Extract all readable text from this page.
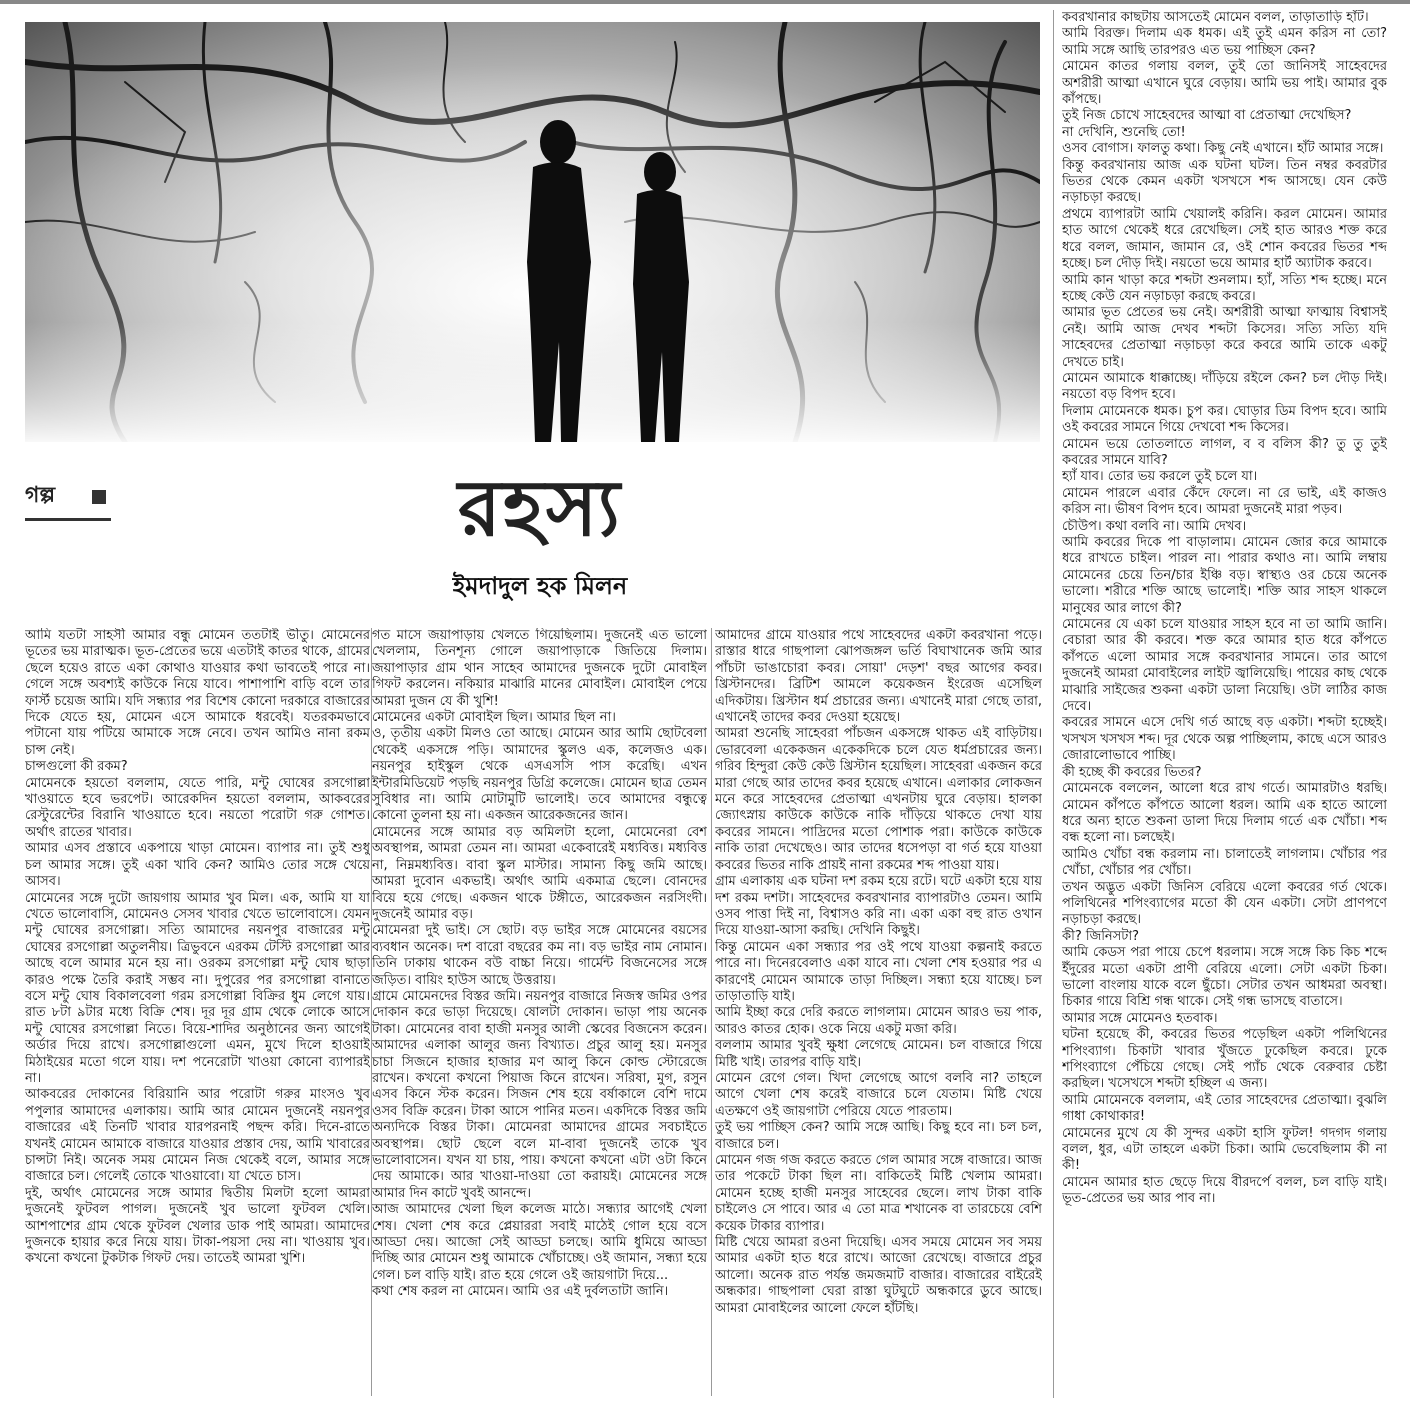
গল্প	রহস্য
ইমদাদুল হক মিলন

আমি যতটা সাহসী আমার বন্ধু মোমেন ততটাই ভীতু। মোমেনের ভূতের ভয় মারাত্মক। ভূত-প্রেতের ভয়ে এতটাই কাতর থাকে, গ্রামের ছেলে হয়েও রাতে একা কোথাও যাওয়ার কথা ভাবতেই পারে না। গেলে সঙ্গে অবশ্যই কাউকে নিয়ে যাবে। পাশাপাশি বাড়ি বলে তার ফার্স্ট চয়েজ আমি। যদি সন্ধ্যার পর বিশেষ কোনো দরকারে বাজারের দিকে যেতে হয়, মোমেন এসে আমাকে ধরবেই। যতরকমভাবে পটানো যায় পটিয়ে আমাকে সঙ্গে নেবে। তখন আমিও নানা রকম চান্স নেই।

চান্সগুলো কী রকম?

মোমেনকে হয়তো বললাম, যেতে পারি, মন্টু ঘোষের রসগোল্লা খাওয়াতে হবে ভরপেট। আরেকদিন হয়তো বললাম, আকবরের রেস্টুরেন্টের বিরানি খাওয়াতে হবে। নয়তো পরোটা গরু গোশত। অর্থাৎ রাতের খাবার।

আমার এসব প্রস্তাবে একপায়ে খাড়া মোমেন। ব্যাপার না। তুই শুধু চল আমার সঙ্গে। তুই একা খাবি কেন? আমিও তোর সঙ্গে খেয়ে আসব।

মোমেনের সঙ্গে দুটো জায়গায় আমার খুব মিল। এক, আমি যা যা খেতে ভালোবাসি, মোমেনও সেসব খাবার খেতে ভালোবাসে। যেমন মন্টু ঘোষের রসগোল্লা। সত্যি আমাদের নয়নপুর বাজারের মন্টু ঘোষের রসগোল্লা অতুলনীয়। ত্রিভুবনে এরকম টেস্টি রসগোল্লা আর আছে বলে আমার মনে হয় না। ওরকম রসগোল্লা মন্টু ঘোষ ছাড়া কারও পক্ষে তৈরি করাই সম্ভব না। দুপুরের পর রসগোল্লা বানাতে বসে মন্টু ঘোষ বিকালবেলা গরম রসগোল্লা বিক্রির ধুম লেগে যায়। রাত ৮টা ৯টার মধ্যে বিক্রি শেষ। দূর দূর গ্রাম থেকে লোকে আসে মন্টু ঘোষের রসগোল্লা নিতে। বিয়ে-শাদির অনুষ্ঠানের জন্য আগেই অর্ডার দিয়ে রাখে। রসগোল্লাগুলো এমন, মুখে দিলে হাওয়াই মিঠাইয়ের মতো গলে যায়। দশ পনেরোটা খাওয়া কোনো ব্যাপারই না।

আকবরের দোকানের বিরিয়ানি আর পরোটা গরুর মাংসও খুব পপুলার আমাদের এলাকায়। আমি আর মোমেন দুজনেই নয়নপুর বাজারের এই তিনটি খাবার যারপরনাই পছন্দ করি। দিনে-রাতে যখনই মোমেন আমাকে বাজারে যাওয়ার প্রস্তাব দেয়, আমি খাবারের চান্সটা নিই। অনেক সময় মোমেন নিজ থেকেই বলে, আমার সঙ্গে বাজারে চল। গেলেই তোকে খাওয়াবো। যা খেতে চাস।

দুই, অর্থাৎ মোমেনের সঙ্গে আমার দ্বিতীয় মিলটা হলো আমরা দুজনেই ফুটবল পাগল। দুজনেই খুব ভালো ফুটবল খেলি। আশপাশের গ্রাম থেকে ফুটবল খেলার ডাক পাই আমরা। আমাদের দুজনকে হায়ার করে নিয়ে যায়। টাকা-পয়সা দেয় না। খাওয়ায় খুব। কখনো কখনো টুকটাক গিফট দেয়। তাতেই আমরা খুশি।

গত মাসে জয়াপাড়ায় খেলতে গিয়েছিলাম। দুজনেই এত ভালো খেললাম, তিনশূন্য গোলে জয়াপাড়াকে জিতিয়ে দিলাম। জয়াপাড়ার গ্রাম থান সাহেব আমাদের দুজনকে দুটো মোবাইল গিফট করলেন। নকিয়ার মাঝারি মানের মোবাইল। মোবাইল পেয়ে আমরা দুজন যে কী খুশি!

মোমেনের একটা মোবাইল ছিল। আমার ছিল না।

ও, তৃতীয় একটা মিলও তো আছে। মোমেন আর আমি ছোটবেলা থেকেই একসঙ্গে পড়ি। আমাদের স্কুলও এক, কলেজও এক। নয়নপুর হাইস্কুল থেকে এসএসসি পাস করেছি। এখন ইন্টারমিডিয়েট পড়ছি নয়নপুর ডিগ্রি কলেজে। মোমেন ছাত্র তেমন সুবিধার না। আমি মোটামুটি ভালোই। তবে আমাদের বন্ধুত্বে কোনো তুলনা হয় না। একজন আরেকজনের জান।

মোমেনের সঙ্গে আমার বড় অমিলটা হলো, মোমেনেরা বেশ অবস্থাপন্ন, আমরা তেমন না। আমরা একেবারেই মধ্যবিত্ত। মধ্যবিত্ত না, নিম্নমধ্যবিত্ত। বাবা স্কুল মাস্টার। সামান্য কিছু জমি আছে। আমরা দুবোন একভাই। অর্থাৎ আমি একমাত্র ছেলে। বোনদের বিয়ে হয়ে গেছে। একজন থাকে টঙ্গীতে, আরেকজন নরসিংদী। দুজনেই আমার বড়।

মোমেনরা দুই ভাই। সে ছোট। বড় ভাইর সঙ্গে মোমেনের বয়সের ব্যবধান অনেক। দশ বারো বছরের কম না। বড় ভাইর নাম নোমান। তিনি ঢাকায় থাকেন বউ বাচ্চা নিয়ে। গার্মেন্ট বিজনেসের সঙ্গে জড়িত। বায়িং হাউস আছে উত্তরায়।

গ্রামে মোমেনদের বিস্তর জমি। নয়নপুর বাজারে নিজস্ব জমির ওপর দোকান করে ভাড়া দিয়েছে। ষোলটা দোকান। ভাড়া পায় অনেক টাকা। মোমেনের বাবা হাজী মনসুর আলী স্কেবের বিজনেস করেন। আমাদের এলাকা আলুর জন্য বিখ্যাত। প্রচুর আলু হয়। মনসুর চাচা সিজনে হাজার হাজার মণ আলু কিনে কোল্ড স্টোরেজে রাখেন। কখনো কখনো পিয়াজ কিনে রাখেন। সরিষা, মুগ, রসুন এসব কিনে স্টক করেন। সিজন শেষ হয়ে বর্ষাকালে বেশি দামে ওসব বিক্রি করেন। টাকা আসে পানির মতন। একদিকে বিস্তর জমি অন্যদিকে বিস্তর টাকা। মোমেনরা আমাদের গ্রামের সবচাইতে অবস্থাপন্ন। ছোট ছেলে বলে মা-বাবা দুজনেই তাকে খুব ভালোবাসেন। যখন যা চায়, পায়। কখনো কখনো এটা ওটা কিনে দেয় আমাকে। আর খাওয়া-দাওয়া তো করায়ই। মোমেনের সঙ্গে আমার দিন কাটে খুবই আনন্দে।

আজ আমাদের খেলা ছিল কলেজ মাঠে। সন্ধ্যার আগেই খেলা শেষ। খেলা শেষ করে প্লেয়াররা সবাই মাঠেই গোল হয়ে বসে আড্ডা দেয়। আজো সেই আড্ডা চলছে। আমি ধুমিয়ে আড্ডা দিচ্ছি আর মোমেন শুধু আমাকে খোঁচাচ্ছে। ওই জামান, সন্ধ্যা হয়ে গেল। চল বাড়ি যাই। রাত হয়ে গেলে ওই জায়গাটা দিয়ে...

কথা শেষ করল না মোমেন। আমি ওর এই দুর্বলতাটা জানি।

আমাদের গ্রামে যাওয়ার পথে সাহেবদের একটা কবরখানা পড়ে। রাস্তার ধারে গাছপালা ঝোপজঙ্গল ভর্তি বিঘাখানেক জমি আর পাঁচটা ভাঙাচোরা কবর। সোয়া' দেড়শ' বছর আগের কবর। খ্রিস্টানদের। ব্রিটিশ আমলে কয়েকজন ইংরেজ এসেছিল এদিকটায়। খ্রিস্টান ধর্ম প্রচারের জন্য। এখানেই মারা গেছে তারা, এখানেই তাদের কবর দেওয়া হয়েছে।

আমরা শুনেছি সাহেবরা পাঁচজন একসঙ্গে থাকত এই বাড়িটায়। ভোরবেলা একেকজন একেকদিকে চলে যেত ধর্মপ্রচারের জন্য। গরিব হিন্দুরা কেউ কেউ খ্রিস্টান হয়েছিল। সাহেবরা একজন করে মারা গেছে আর তাদের কবর হয়েছে এখানে। এলাকার লোকজন মনে করে সাহেবদের প্রেতাত্মা এখনটায় ঘুরে বেড়ায়। হালকা জ্যোৎস্নায় কাউকে কাউকে নাকি দাঁড়িয়ে থাকতে দেখা যায় কবরের সামনে। পাদ্রিদের মতো পোশাক পরা। কাউকে কাউকে নাকি তারা দেখেছেও। আর তাদের ধসেপড়া বা গর্ত হয়ে যাওয়া কবরের ভিতর নাকি প্রায়ই নানা রকমের শব্দ পাওয়া যায়।

গ্রাম এলাকায় এক ঘটনা দশ রকম হয়ে রটে। ঘটে একটা হয়ে যায় দশ রকম দশটা। সাহেবদের কবরখানার ব্যাপারটাও তেমন। আমি ওসব পাত্তা দিই না, বিশ্বাসও করি না। একা একা বহু রাত ওখান দিয়ে যাওয়া-আসা করছি। দেখিনি কিছুই।

কিন্তু মোমেন একা সন্ধ্যার পর ওই পথে যাওয়া কল্পনাই করতে পারে না। দিনেরবেলাও একা যাবে না। খেলা শেষ হওয়ার পর এ কারণেই মোমেন আমাকে তাড়া দিচ্ছিল। সন্ধ্যা হয়ে যাচ্ছে। চল তাড়াতাড়ি যাই।

আমি ইচ্ছা করে দেরি করতে লাগলাম। মোমেন আরও ভয় পাক, আরও কাতর হোক। ওকে নিয়ে একটু মজা করি।

বললাম আমার খুবই ক্ষুধা লেগেছে মোমেন। চল বাজারে গিয়ে মিষ্টি খাই। তারপর বাড়ি যাই।

মোমেন রেগে গেল। খিদা লেগেছে আগে বলবি না? তাহলে আগে খেলা শেষ করেই বাজারে চলে যেতাম। মিষ্টি খেয়ে এতক্ষণে ওই জায়গাটা পেরিয়ে যেতে পারতাম।

তুই ভয় পাচ্ছিস কেন? আমি সঙ্গে আছি। কিছু হবে না। চল চল, বাজারে চল।

মোমেন গজ গজ করতে করতে গেল আমার সঙ্গে বাজারে। আজ তার পকেটে টাকা ছিল না। বাকিতেই মিষ্টি খেলাম আমরা। মোমেন হচ্ছে হাজী মনসুর সাহেবের ছেলে। লাখ টাকা বাকি চাইলেও সে পাবে। আর এ তো মাত্র শখানেক বা তারচেয়ে বেশি কয়েক টাকার ব্যাপার।

মিষ্টি খেয়ে আমরা রওনা দিয়েছি। এসব সময়ে মোমেন সব সময় আমার একটা হাত ধরে রাখে। আজো রেখেছে। বাজারে প্রচুর আলো। অনেক রাত পর্যন্ত জমজমাট বাজার। বাজারের বাইরেই অন্ধকার। গাছপালা ঘেরা রাস্তা ঘুটঘুটে অন্ধকারে ডুবে আছে। আমরা মোবাইলের আলো ফেলে হাঁটছি।

কবরখানার কাছটায় আসতেই মোমেন বলল, তাড়াতাড়ি হাঁট।

আমি বিরক্ত। দিলাম এক ধমক। এই তুই এমন করিস না তো? আমি সঙ্গে আছি তারপরও এত ভয় পাচ্ছিস কেন?

মোমেন কাতর গলায় বলল, তুই তো জানিসই সাহেবদের অশরীরী আত্মা এখানে ঘুরে বেড়ায়। আমি ভয় পাই। আমার বুক কাঁপছে।

তুই নিজ চোখে সাহেবদের আত্মা বা প্রেতাত্মা দেখেছিস?

না দেখিনি, শুনেছি তো!

ওসব বোগাস। ফালতু কথা। কিছু নেই এখানে। হাঁট আমার সঙ্গে।

কিন্তু কবরখানায় আজ এক ঘটনা ঘটল। তিন নম্বর কবরটার ভিতর থেকে কেমন একটা খসখসে শব্দ আসছে। যেন কেউ নড়াচড়া করছে।

প্রথমে ব্যাপারটা আমি খেয়ালই করিনি। করল মোমেন। আমার হাত আগে থেকেই ধরে রেখেছিল। সেই হাত আরও শক্ত করে ধরে বলল, জামান, জামান রে, ওই শোন কবরের ভিতর শব্দ হচ্ছে। চল দৌড় দিই। নয়তো ভয়ে আমার হার্ট অ্যাটাক করবে।

আমি কান খাড়া করে শব্দটা শুনলাম। হ্যাঁ, সত্যি শব্দ হচ্ছে। মনে হচ্ছে কেউ যেন নড়াচড়া করছে কবরে।

আমার ভূত প্রেতের ভয় নেই। অশরীরী আত্মা ফাত্মায় বিশ্বাসই নেই। আমি আজ দেখব শব্দটা কিসের। সত্যি সত্যি যদি সাহেবদের প্রেতাত্মা নড়াচড়া করে কবরে আমি তাকে একটু দেখতে চাই।

মোমেন আমাকে ধাক্কাচ্ছে। দাঁড়িয়ে রইলে কেন? চল দৌড় দিই। নয়তো বড় বিপদ হবে।

দিলাম মোমেনকে ধমক। চুপ কর। ঘোড়ার ডিম বিপদ হবে। আমি ওই কবরের সামনে গিয়ে দেখবো শব্দ কিসের।

মোমেন ভয়ে তোতলাতে লাগল, ব ব বলিস কী? তু তু তুই কবরের সামনে যাবি?

হ্যাঁ যাব। তোর ভয় করলে তুই চলে যা।

মোমেন পারলে এবার কেঁদে ফেলে। না রে ভাই, এই কাজও করিস না। ভীষণ বিপদ হবে। আমরা দুজনেই মারা পড়ব।

চৌউপ। কথা বলবি না। আমি দেখব।

আমি কবরের দিকে পা বাড়ালাম। মোমেন জোর করে আমাকে ধরে রাখতে চাইল। পারল না। পারার কথাও না। আমি লম্বায় মোমেনের চেয়ে তিন/চার ইঞ্চি বড়। স্বাস্থ্যও ওর চেয়ে অনেক ভালো। শরীরে শক্তি আছে ভালোই। শক্তি আর সাহস থাকলে মানুষের আর লাগে কী?

মোমেনের যে একা চলে যাওয়ার সাহস হবে না তা আমি জানি। বেচারা আর কী করবে। শক্ত করে আমার হাত ধরে কাঁপতে কাঁপতে এলো আমার সঙ্গে কবরখানার সামনে। তার আগে দুজনেই আমরা মোবাইলের লাইট জ্বালিয়েছি। পায়ের কাছ থেকে মাঝারি সাইজের শুকনা একটা ডালা নিয়েছি। ওটা লাঠির কাজ দেবে।

কবরের সামনে এসে দেখি গর্ত আছে বড় একটা। শব্দটা হচ্ছেই। খসখস খসখস শব্দ। দূর থেকে অল্প পাচ্ছিলাম, কাছে এসে আরও জোরালোভাবে পাচ্ছি।

কী হচ্ছে কী কবরের ভিতর?

মোমেনকে বললেন, আলো ধরে রাখ গর্তে। আমারটাও ধরছি। মোমেন কাঁপতে কাঁপতে আলো ধরল। আমি এক হাতে আলো ধরে অন্য হাতে শুকনা ডালা দিয়ে দিলাম গর্তে এক খোঁচা। শব্দ বন্ধ হলো না। চলছেই।

আমিও খোঁচা বন্ধ করলাম না। চালাতেই লাগলাম। খোঁচার পর খোঁচা, খোঁচার পর খোঁচা।

তখন অদ্ভুত একটা জিনিস বেরিয়ে এলো কবরের গর্ত থেকে। পলিথিনের শপিংব্যাগের মতো কী যেন একটা। সেটা প্রাণপণে নড়াচড়া করছে।

কী? জিনিসটা?

আমি কেডস পরা পায়ে চেপে ধরলাম। সঙ্গে সঙ্গে কিচ কিচ শব্দে ইঁদুরের মতো একটা প্রাণী বেরিয়ে এলো। সেটা একটা চিকা। ভালো বাংলায় যাকে বলে ছুঁচো। সেটার তখন আধমরা অবস্থা। চিকার গায়ে বিশ্রি গন্ধ থাকে। সেই গন্ধ ভাসছে বাতাসে।

আমার সঙ্গে মোমেনও হতবাক।

ঘটনা হয়েছে কী, কবরের ভিতর পড়েছিল একটা পলিথিনের শপিংব্যাগ। চিকাটা খাবার খুঁজতে ঢুকেছিল কবরে। ঢুকে শপিংব্যাগে পেঁচিয়ে গেছে। সেই প্যাঁচ থেকে বেরুবার চেষ্টা করছিল। খসেখসে শব্দটা হচ্ছিল এ জন্য।

আমি মোমেনকে বললাম, এই তোর সাহেবদের প্রেতাত্মা। বুঝলি গাধা কোথাকার!

মোমেনের মুখে যে কী সুন্দর একটা হাসি ফুটল! গদগদ গলায় বলল, ধুর, এটা তাহলে একটা চিকা। আমি ভেবেছিলাম কী না কী!

মোমেন আমার হাত ছেড়ে দিয়ে বীরদর্পে বলল, চল বাড়ি যাই। ভূত-প্রেতের ভয় আর পাব না।
